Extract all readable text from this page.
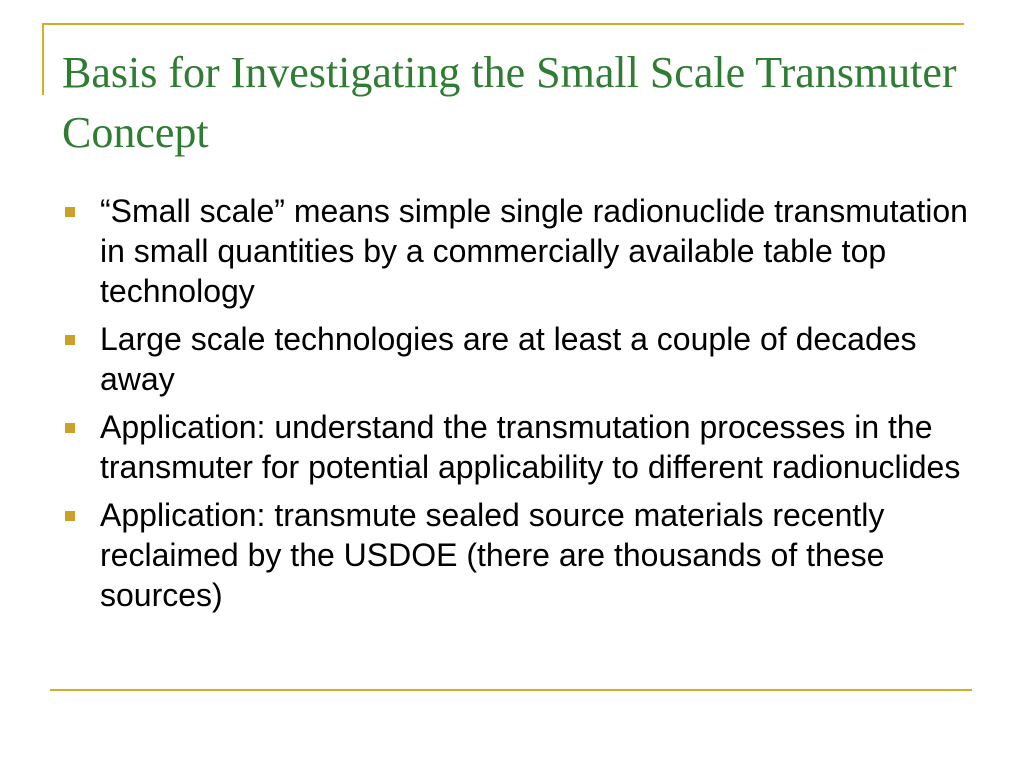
Basis for Investigating the Small Scale Transmuter Concept
“Small scale” means simple single radionuclide transmutation in small quantities by a commercially available table top technology
Large scale technologies are at least a couple of decades away
Application: understand the transmutation processes in the transmuter for potential applicability to different radionuclides
Application: transmute sealed source materials recently reclaimed by the USDOE (there are thousands of these sources)
